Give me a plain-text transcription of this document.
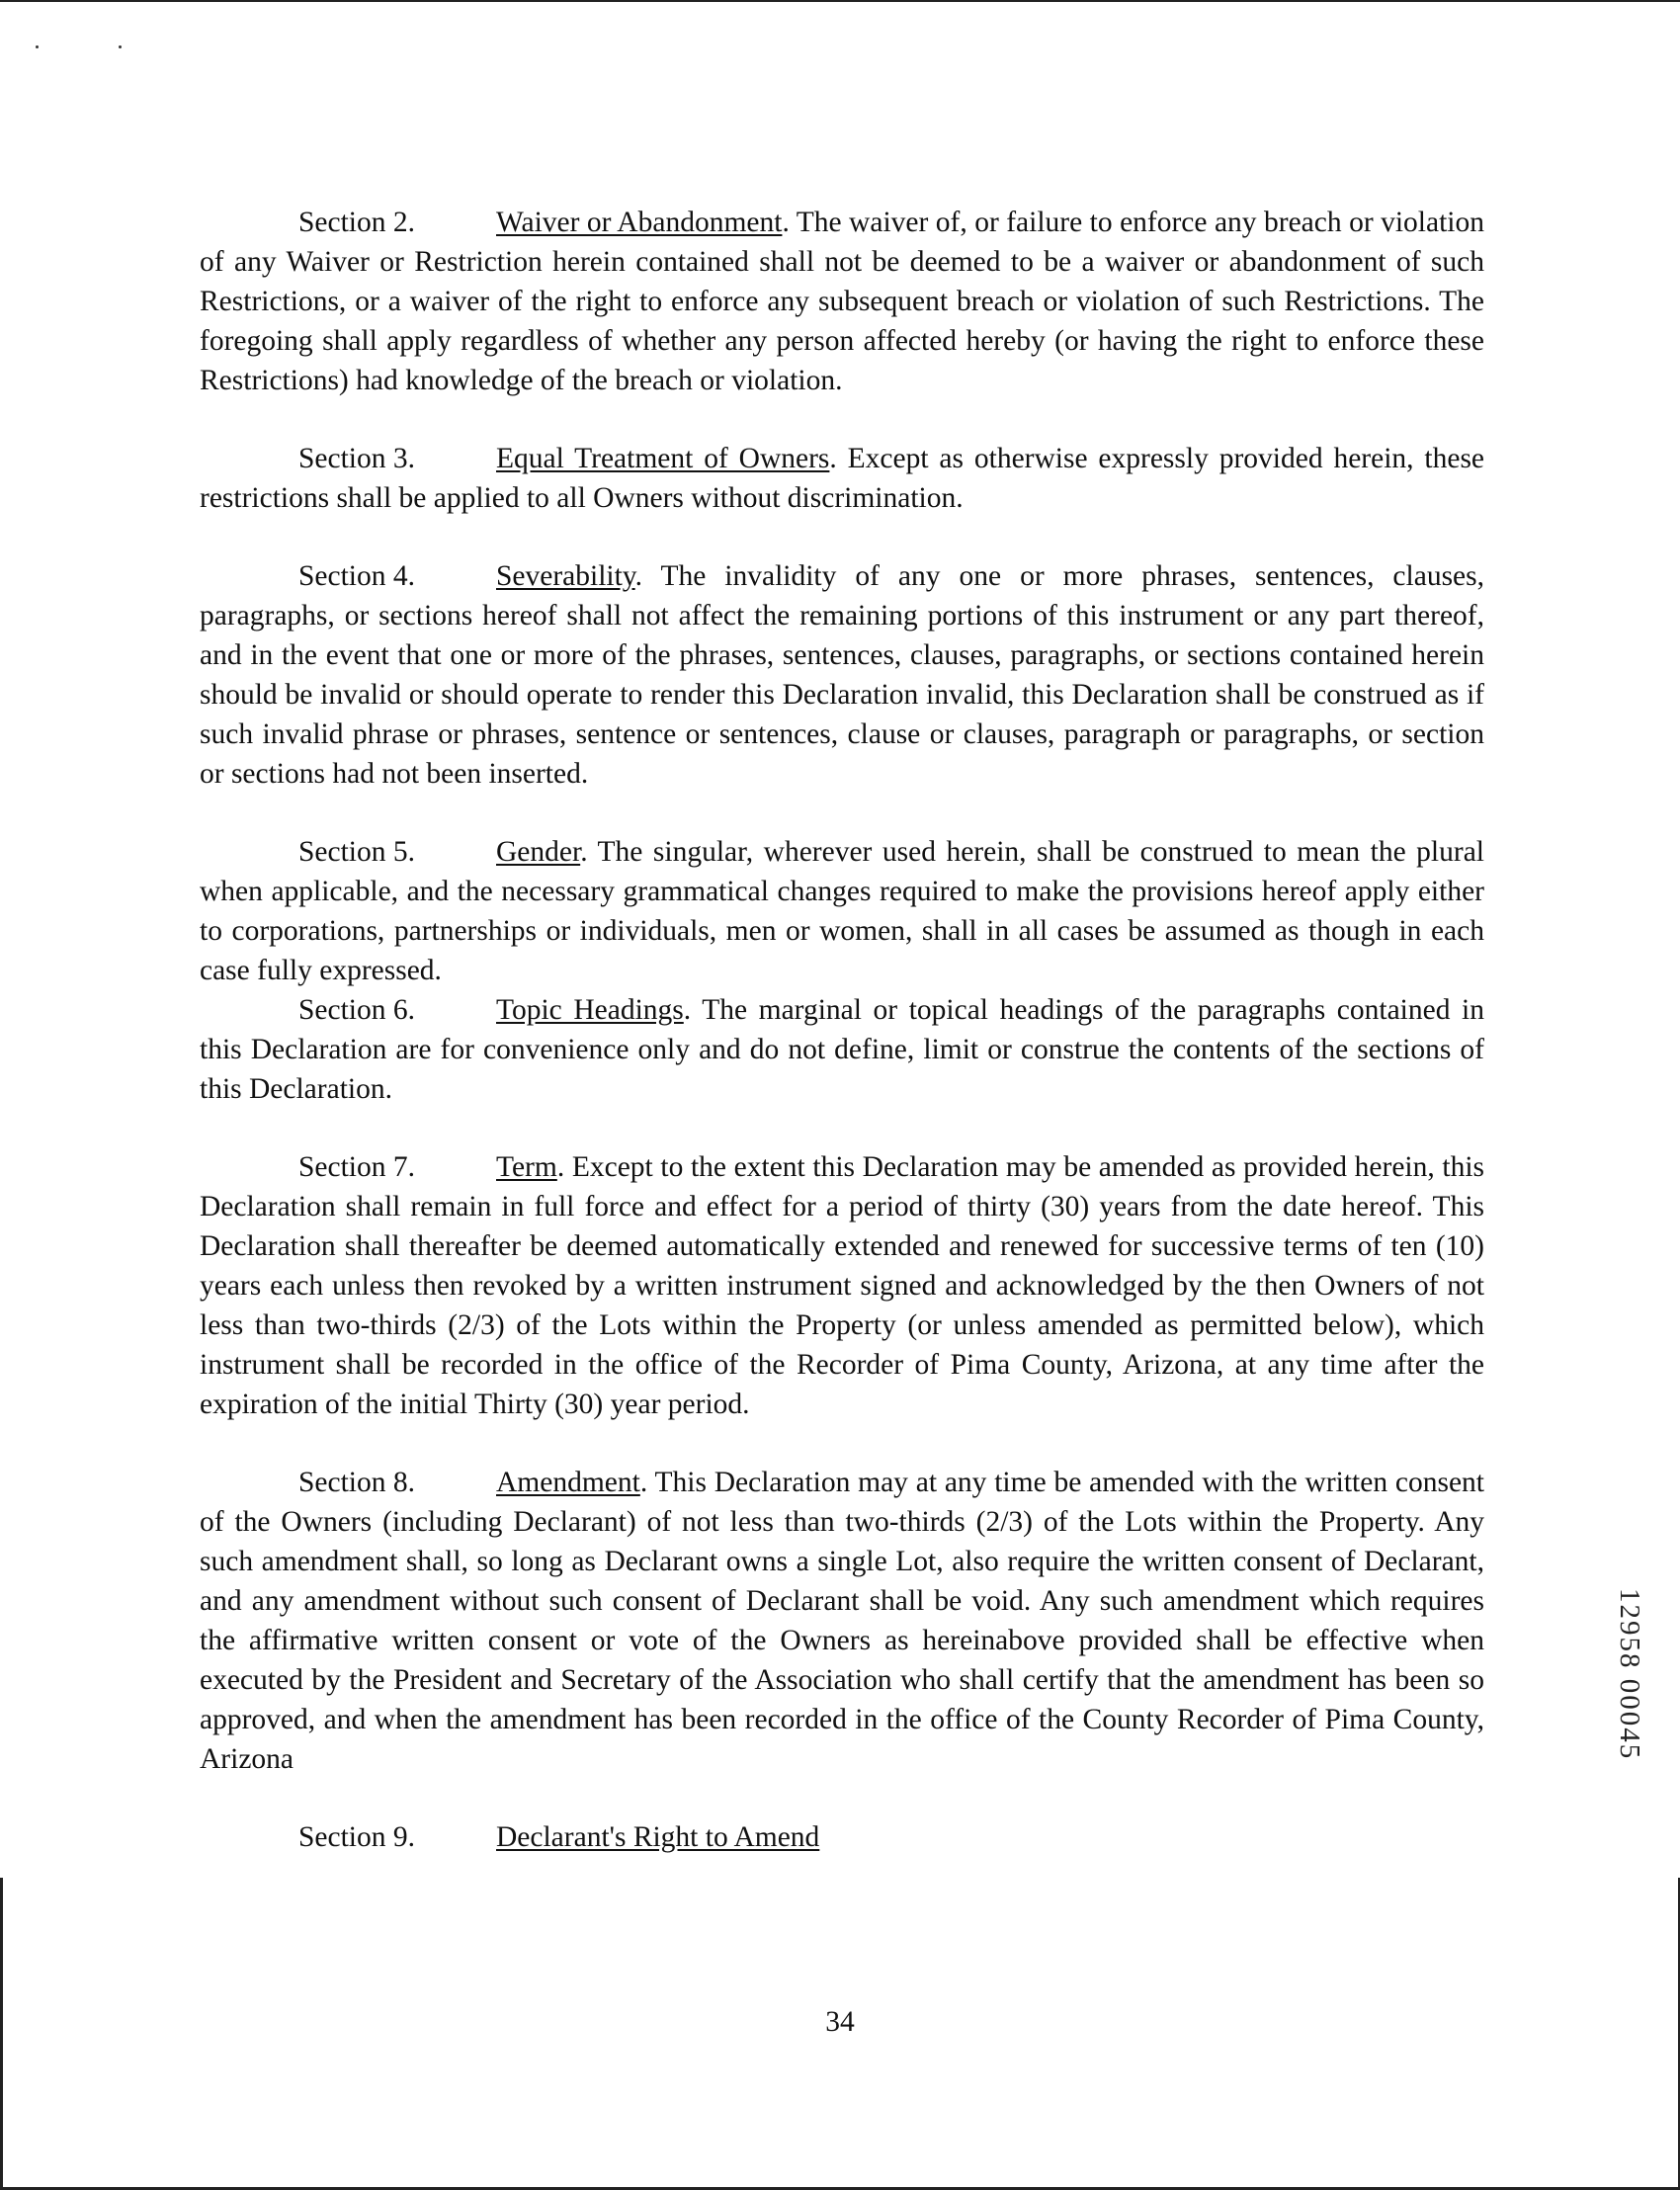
Section 2.	Waiver or Abandonment. The waiver of, or failure to enforce any breach or violation of any Waiver or Restriction herein contained shall not be deemed to be a waiver or abandonment of such Restrictions, or a waiver of the right to enforce any subsequent breach or violation of such Restrictions. The foregoing shall apply regardless of whether any person affected hereby (or having the right to enforce these Restrictions) had knowledge of the breach or violation.

Section 3.	Equal Treatment of Owners. Except as otherwise expressly provided herein, these restrictions shall be applied to all Owners without discrimination.

Section 4.	Severability. The invalidity of any one or more phrases, sentences, clauses, paragraphs, or sections hereof shall not affect the remaining portions of this instrument or any part thereof, and in the event that one or more of the phrases, sentences, clauses, paragraphs, or sections contained herein should be invalid or should operate to render this Declaration invalid, this Declaration shall be construed as if such invalid phrase or phrases, sentence or sentences, clause or clauses, paragraph or paragraphs, or section or sections had not been inserted.

Section 5.	Gender. The singular, wherever used herein, shall be construed to mean the plural when applicable, and the necessary grammatical changes required to make the provisions hereof apply either to corporations, partnerships or individuals, men or women, shall in all cases be assumed as though in each case fully expressed.

Section 6.	Topic Headings. The marginal or topical headings of the paragraphs contained in this Declaration are for convenience only and do not define, limit or construe the contents of the sections of this Declaration.

Section 7.	Term. Except to the extent this Declaration may be amended as provided herein, this Declaration shall remain in full force and effect for a period of thirty (30) years from the date hereof. This Declaration shall thereafter be deemed automatically extended and renewed for successive terms of ten (10) years each unless then revoked by a written instrument signed and acknowledged by the then Owners of not less than two-thirds (2/3) of the Lots within the Property (or unless amended as permitted below), which instrument shall be recorded in the office of the Recorder of Pima County, Arizona, at any time after the expiration of the initial Thirty (30) year period.

Section 8.	Amendment. This Declaration may at any time be amended with the written consent of the Owners (including Declarant) of not less than two-thirds (2/3) of the Lots within the Property. Any such amendment shall, so long as Declarant owns a single Lot, also require the written consent of Declarant, and any amendment without such consent of Declarant shall be void. Any such amendment which requires the affirmative written consent or vote of the Owners as hereinabove provided shall be effective when executed by the President and Secretary of the Association who shall certify that the amendment has been so approved, and when the amendment has been recorded in the office of the County Recorder of Pima County, Arizona

Section 9.	Declarant's Right to Amend

34
12958 00045
